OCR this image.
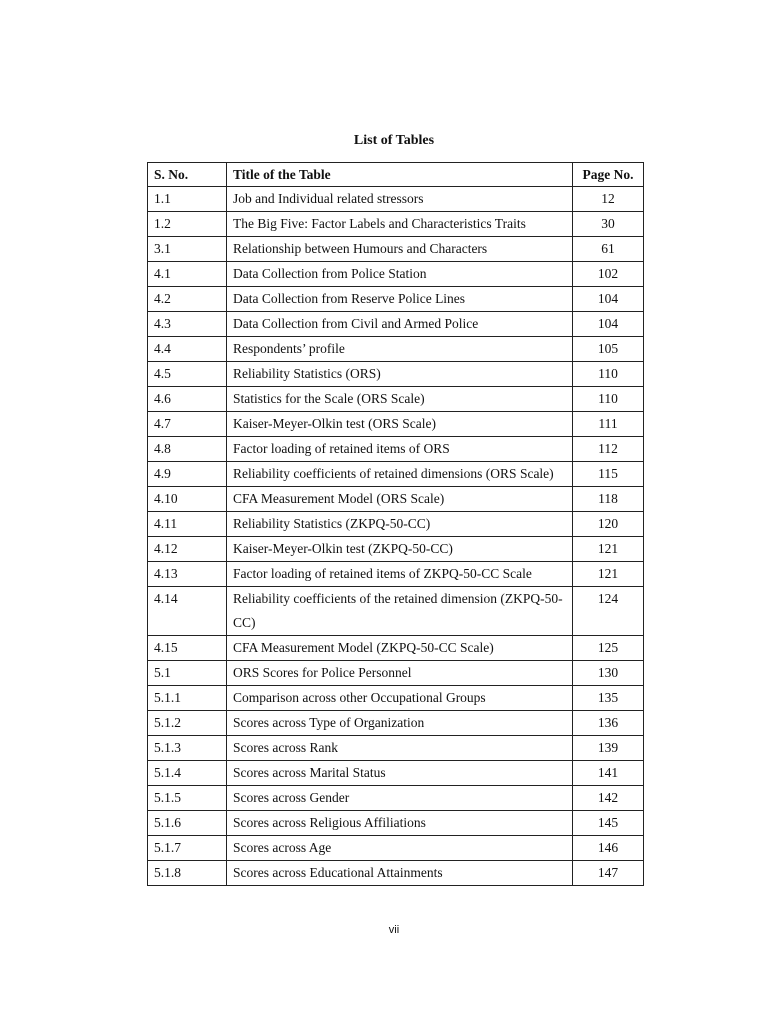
List of Tables
S. No.	Title of the Table	Page No.
1.1	Job and Individual related stressors	12
1.2	The Big Five: Factor Labels and Characteristics Traits	30
3.1	Relationship between Humours and Characters	61
4.1	Data Collection from Police Station	102
4.2	Data Collection from Reserve Police Lines	104
4.3	Data Collection from Civil and Armed Police	104
4.4	Respondents’ profile	105
4.5	Reliability Statistics (ORS)	110
4.6	Statistics for the Scale (ORS Scale)	110
4.7	Kaiser-Meyer-Olkin test (ORS Scale)	111
4.8	Factor loading of retained items of ORS	112
4.9	Reliability coefficients of retained dimensions (ORS Scale)	115
4.10	CFA Measurement Model (ORS Scale)	118
4.11	Reliability Statistics (ZKPQ-50-CC)	120
4.12	Kaiser-Meyer-Olkin test (ZKPQ-50-CC)	121
4.13	Factor loading of retained items of ZKPQ-50-CC Scale	121
4.14	Reliability coefficients of the retained dimension (ZKPQ-50-CC)	124
4.15	CFA Measurement Model (ZKPQ-50-CC Scale)	125
5.1	ORS Scores for Police Personnel	130
5.1.1	Comparison across other Occupational Groups	135
5.1.2	Scores across Type of Organization	136
5.1.3	Scores across Rank	139
5.1.4	Scores across Marital Status	141
5.1.5	Scores across Gender	142
5.1.6	Scores across Religious Affiliations	145
5.1.7	Scores across Age	146
5.1.8	Scores across Educational Attainments	147
vii
